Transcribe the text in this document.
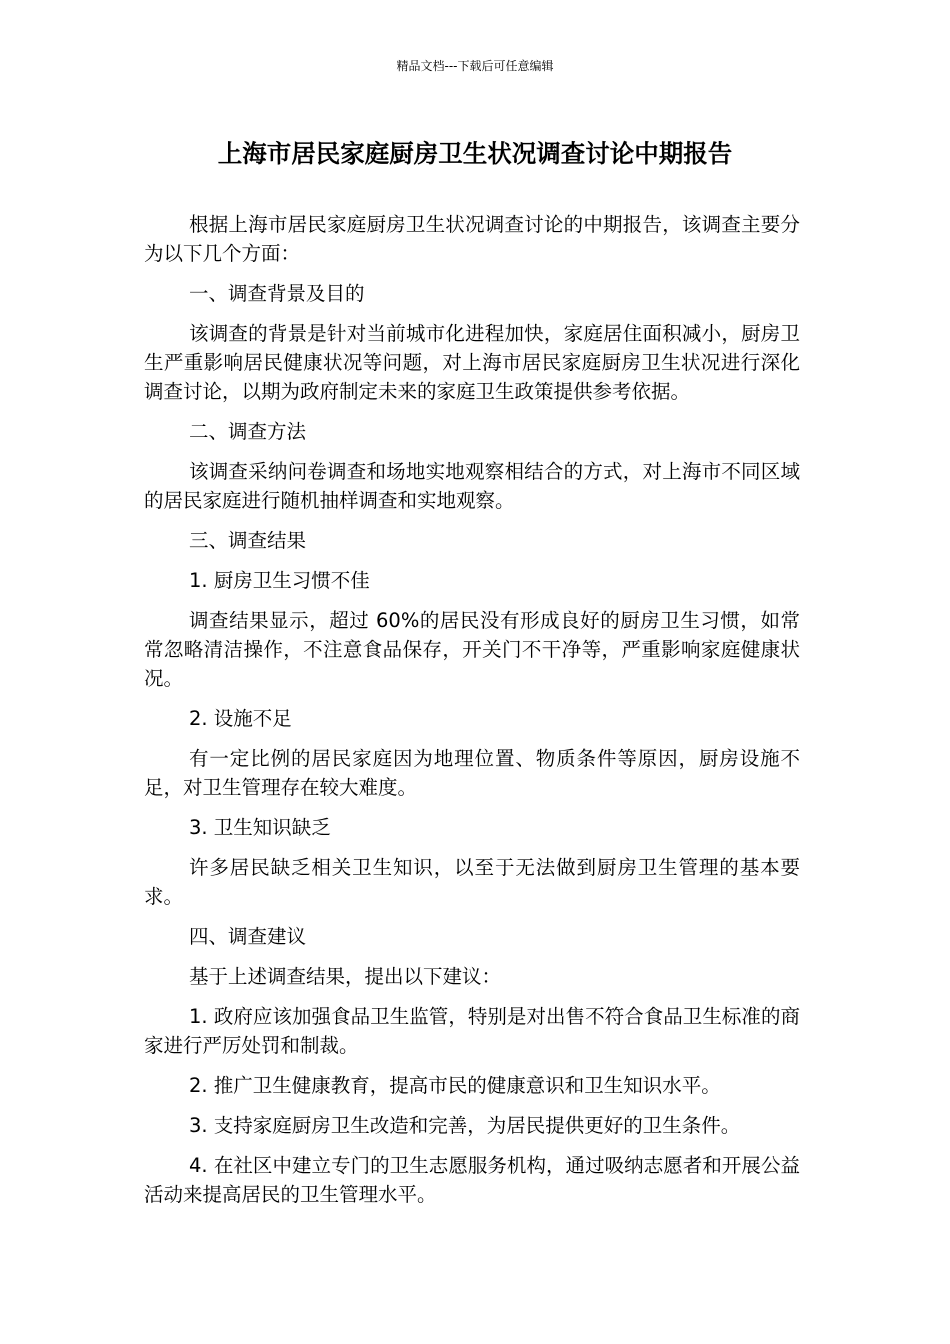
精品文档---下载后可任意编辑
上海市居民家庭厨房卫生状况调查讨论中期报告

根据上海市居民家庭厨房卫生状况调查讨论的中期报告，该调查主要分为以下几个方面：

一、调查背景及目的

该调查的背景是针对当前城市化进程加快，家庭居住面积减小，厨房卫生严重影响居民健康状况等问题，对上海市居民家庭厨房卫生状况进行深化调查讨论，以期为政府制定未来的家庭卫生政策提供参考依据。

二、调查方法

该调查采纳问卷调查和场地实地观察相结合的方式，对上海市不同区域的居民家庭进行随机抽样调查和实地观察。

三、调查结果

1. 厨房卫生习惯不佳

调查结果显示，超过 60%的居民没有形成良好的厨房卫生习惯，如常常忽略清洁操作，不注意食品保存，开关门不干净等，严重影响家庭健康状况。

2. 设施不足

有一定比例的居民家庭因为地理位置、物质条件等原因，厨房设施不足，对卫生管理存在较大难度。

3. 卫生知识缺乏

许多居民缺乏相关卫生知识，以至于无法做到厨房卫生管理的基本要求。

四、调查建议

基于上述调查结果，提出以下建议：

1. 政府应该加强食品卫生监管，特别是对出售不符合食品卫生标准的商家进行严厉处罚和制裁。

2. 推广卫生健康教育，提高市民的健康意识和卫生知识水平。

3. 支持家庭厨房卫生改造和完善，为居民提供更好的卫生条件。

4. 在社区中建立专门的卫生志愿服务机构，通过吸纳志愿者和开展公益活动来提高居民的卫生管理水平。
